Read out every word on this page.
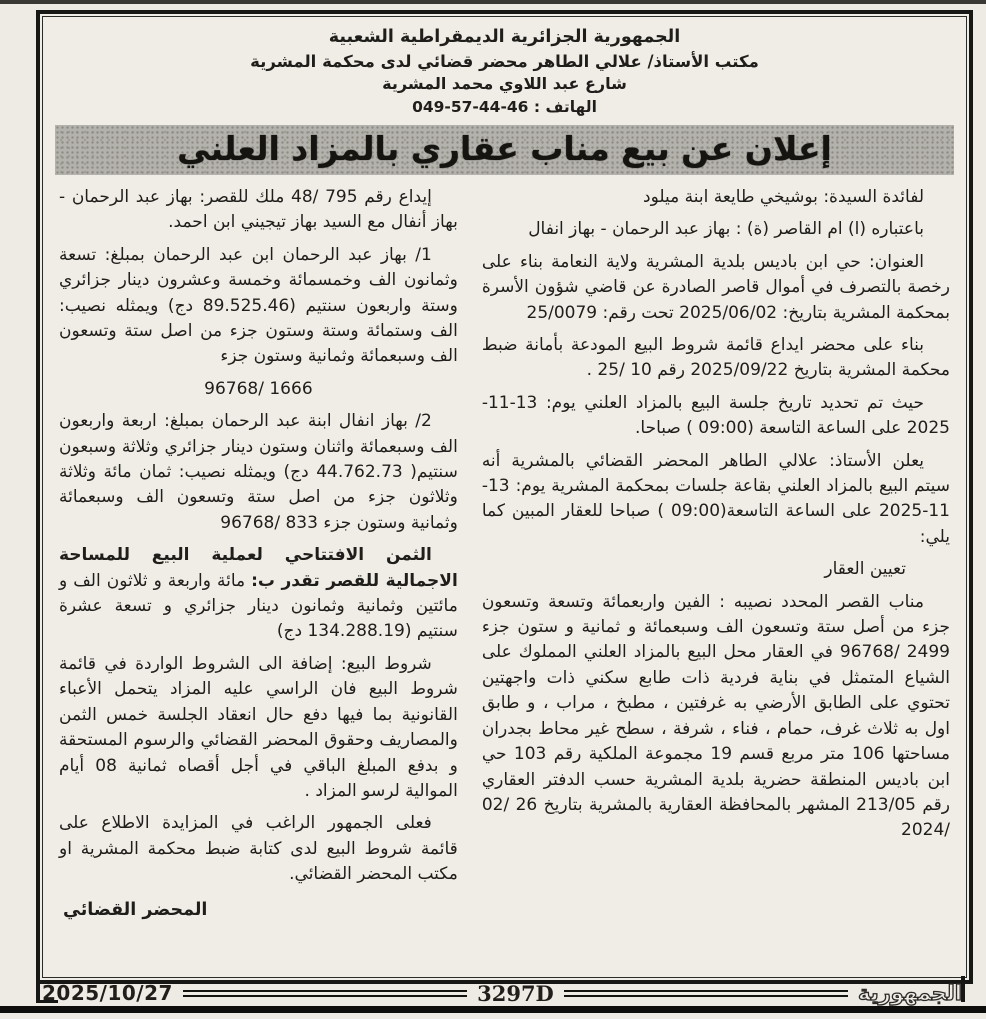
الجمهورية الجزائرية الديمقراطية الشعبية
مكتب الأستاذ/ علالي الطاهر محضر قضائي لدى محكمة المشرية
شارع عبد اللاوي محمد المشرية
الهاتف : 049-57-44-46
إعلان عن بيع مناب عقاري بالمزاد العلني

لفائدة السيدة: بوشيخي طايعة ابنة ميلود

باعتباره (ا) ام القاصر (ة) : بهاز عبد الرحمان - بهاز انفال

العنوان: حي ابن باديس بلدية المشرية ولاية النعامة بناء على رخصة بالتصرف في أموال قاصر الصادرة عن قاضي شؤون الأسرة بمحكمة المشرية بتاريخ: 2025/06/02 تحت رقم: 25/0079

بناء على محضر ايداع قائمة شروط البيع المودعة بأمانة ضبط محكمة المشرية بتاريخ 2025/09/22 رقم 10 /25 .

حيث تم تحديد تاريخ جلسة البيع بالمزاد العلني يوم: 13-11-2025 على الساعة التاسعة (09:00 ) صباحا.

يعلن الأستاذ: علالي الطاهر المحضر القضائي بالمشرية أنه سيتم البيع بالمزاد العلني بقاعة جلسات بمحكمة المشرية يوم: 13-11-2025 على الساعة التاسعة(09:00 ) صباحا للعقار المبين كما يلي:

تعيين العقار

مناب القصر المحدد نصيبه : الفين واربعمائة وتسعة وتسعون جزء من أصل ستة وتسعون الف وسبعمائة و ثمانية و ستون جزء 2499 /96768 في العقار محل البيع بالمزاد العلني المملوك على الشياع المتمثل في بناية فردية ذات طابع سكني ذات واجهتين تحتوي على الطابق الأرضي به غرفتين ، مطبخ ، مراب ، و طابق اول به ثلاث غرف، حمام ، فناء ، شرفة ، سطح غير محاط بجدران مساحتها 106 متر مربع قسم 19 مجموعة الملكية رقم 103 حي ابن باديس المنطقة حضرية بلدية المشرية حسب الدفتر العقاري رقم 213/05 المشهر بالمحافظة العقارية بالمشرية بتاريخ 26 /02 /2024

إيداع رقم 795 /48 ملك للقصر: بهاز عبد الرحمان - بهاز أنفال مع السيد بهاز تيجيني ابن احمد.

1/ بهاز عبد الرحمان ابن عبد الرحمان بمبلغ: تسعة وثمانون الف وخمسمائة وخمسة وعشرون دينار جزائري وستة واربعون سنتيم (89.525.46 دج) ويمثله نصيب: الف وستمائة وستة وستون جزء من اصل ستة وتسعون الف وسبعمائة وثمانية وستون جزء

96768/ 1666

2/ بهاز انفال ابنة عبد الرحمان بمبلغ: اربعة واربعون الف وسبعمائة واثنان وستون دينار جزائري وثلاثة وسبعون سنتيم( 44.762.73 دج) ويمثله نصيب: ثمان مائة وثلاثة وثلاثون جزء من اصل ستة وتسعون الف وسبعمائة وثمانية وستون جزء 833 /96768

الثمن الافتتاحي لعملية البيع للمساحة الاجمالية للقصر تقدر ب: مائة واربعة و ثلاثون الف و مائتين وثمانية وثمانون دينار جزائري و تسعة عشرة سنتيم (134.288.19 دج)

شروط البيع: إضافة الى الشروط الواردة في قائمة شروط البيع فان الراسي عليه المزاد يتحمل الأعباء القانونية بما فيها دفع حال انعقاد الجلسة خمس الثمن والمصاريف وحقوق المحضر القضائي والرسوم المستحقة و بدفع المبلغ الباقي في أجل أقصاه ثمانية 08 أيام الموالية لرسو المزاد .

فعلى الجمهور الراغب في المزايدة الاطلاع على قائمة شروط البيع لدى كتابة ضبط محكمة المشرية او مكتب المحضر القضائي.

المحضر القضائي
2025/10/27	3297D	الجمهورية
